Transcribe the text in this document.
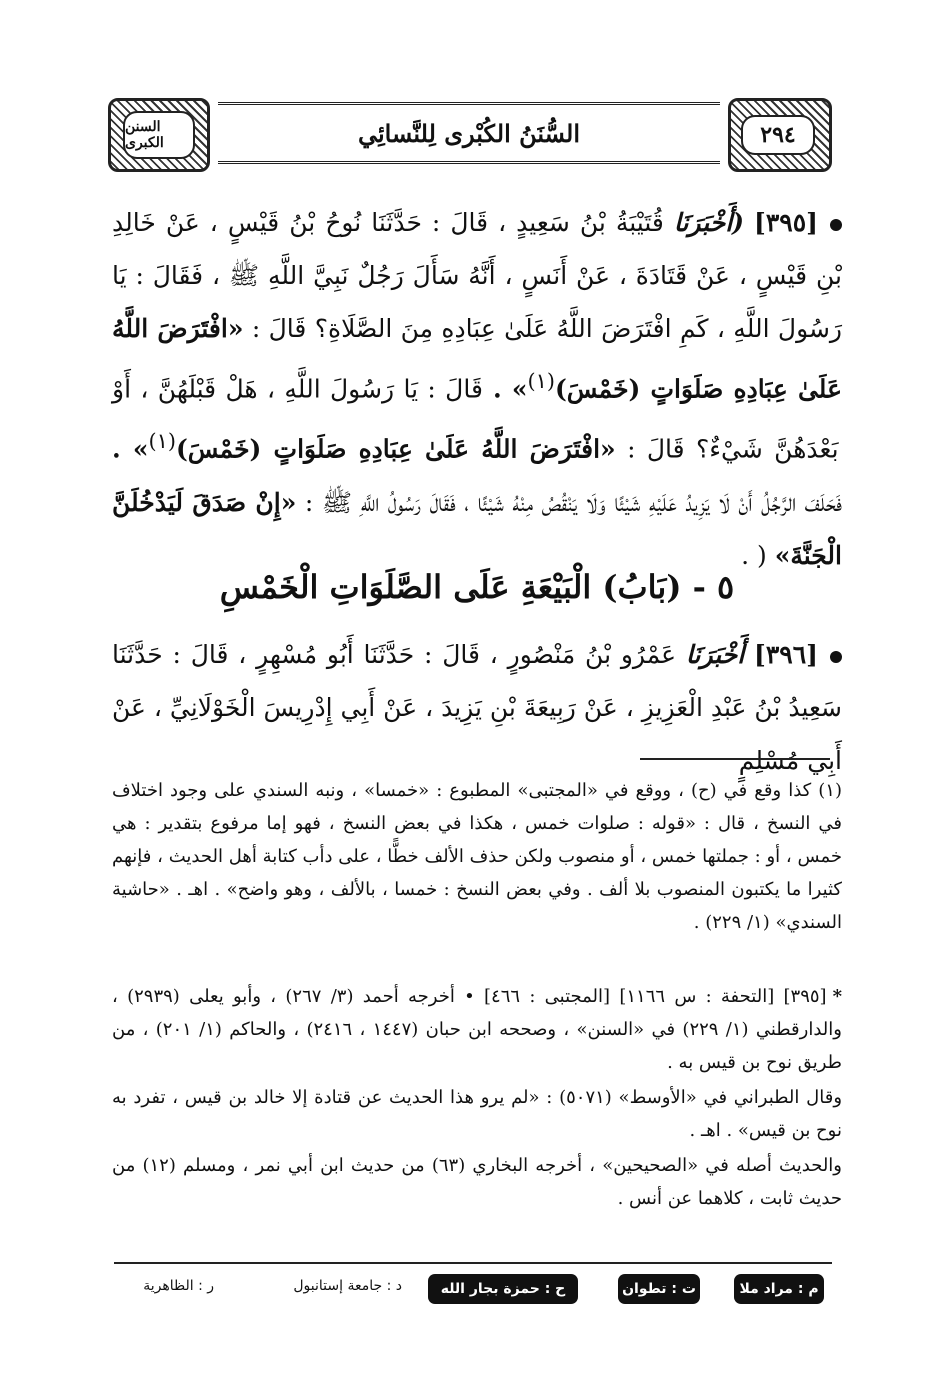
السنن الكبرى	السُّنَنُ الكُبْرى لِلنَّسائِي	٢٩٤
[٣٩٥] (أَخْبَرَنَا قُتَيْبَةُ بْنُ سَعِيدٍ ، قَالَ : حَدَّثَنَا نُوحُ بْنُ قَيْسٍ ، عَنْ خَالِدِ بْنِ قَيْسٍ ، عَنْ قَتَادَةَ ، عَنْ أَنَسٍ ، أَنَّهُ سَأَلَ رَجُلٌ نَبِيَّ اللَّهِ ﷺ ، فَقَالَ : يَا رَسُولَ اللَّهِ ، كَمِ افْتَرَضَ اللَّهُ عَلَىٰ عِبَادِهِ مِنَ الصَّلَاةِ؟ قَالَ : «افْتَرَضَ اللَّهُ عَلَىٰ عِبَادِهِ صَلَوَاتٍ (خَمْسَ)$^{(١)}$» . قَالَ : يَا رَسُولَ اللَّهِ ، هَلْ قَبْلَهُنَّ ، أَوْ بَعْدَهُنَّ شَيْءٌ؟ قَالَ : «افْتَرَضَ اللَّهُ عَلَىٰ عِبَادِهِ صَلَوَاتٍ (خَمْسَ)$^{(١)}$» . فَحَلَفَ الرَّجُلُ أَنْ لَا يَزِيدُ عَلَيْهِ شَيْئًا وَلَا يَنْقُصُ مِنْهُ شَيْئًا ، فَقَالَ رَسُولُ اللَّهِ ﷺ : «إِنْ صَدَقَ لَيَدْخُلَنَّ الْجَنَّةَ» ( .
٥ - (بَابُ) الْبَيْعَةِ عَلَى الصَّلَوَاتِ الْخَمْسِ
[٣٩٦] أَخْبَرَنَا عَمْرُو بْنُ مَنْصُورٍ ، قَالَ : حَدَّثَنَا أَبُو مُسْهِرٍ ، قَالَ : حَدَّثَنَا سَعِيدُ بْنُ عَبْدِ الْعَزِيزِ ، عَنْ رَبِيعَةَ بْنِ يَزِيدَ ، عَنْ أَبِي إِدْرِيسَ الْخَوْلَانِيِّ ، عَنْ أَبِي مُسْلِمٍ
(١) كذا وقع في (ح) ، ووقع في «المجتبى» المطبوع : «خمسا» ، ونبه السندي على وجود اختلاف في النسخ ، قال : «قوله : صلوات خمس ، هكذا في بعض النسخ ، فهو إما مرفوع بتقدير : هي خمس ، أو : جملتها خمس ، أو منصوب ولكن حذف الألف خطًّا ، على دأب كتابة أهل الحديث ، فإنهم كثيرا ما يكتبون المنصوب بلا ألف . وفي بعض النسخ : خمسا ، بالألف ، وهو واضح» . اهـ . «حاشية السندي» (١/ ٢٢٩) .

*[٣٩٥] [التحفة : س ١١٦٦] [المجتبى : ٤٦٦] • أخرجه أحمد (٣/ ٢٦٧) ، وأبو يعلى (٢٩٣٩) ، والدارقطني (١/ ٢٢٩) في «السنن» ، وصححه ابن حبان (١٤٤٧ ، ٢٤١٦) ، والحاكم (١/ ٢٠١) ، من طريق نوح بن قيس به .

وقال الطبراني في «الأوسط» (٥٠٧١) : «لم يرو هذا الحديث عن قتادة إلا خالد بن قيس ، تفرد به نوح بن قيس» . اهـ .

والحديث أصله في «الصحيحين» ، أخرجه البخاري (٦٣) من حديث ابن أبي نمر ، ومسلم (١٢) من حديث ثابت ، كلاهما عن أنس .

م : مراد ملا
ت : تطوان
ح : حمزة بجار الله
د : جامعة إستانبول
ر : الظاهرية
